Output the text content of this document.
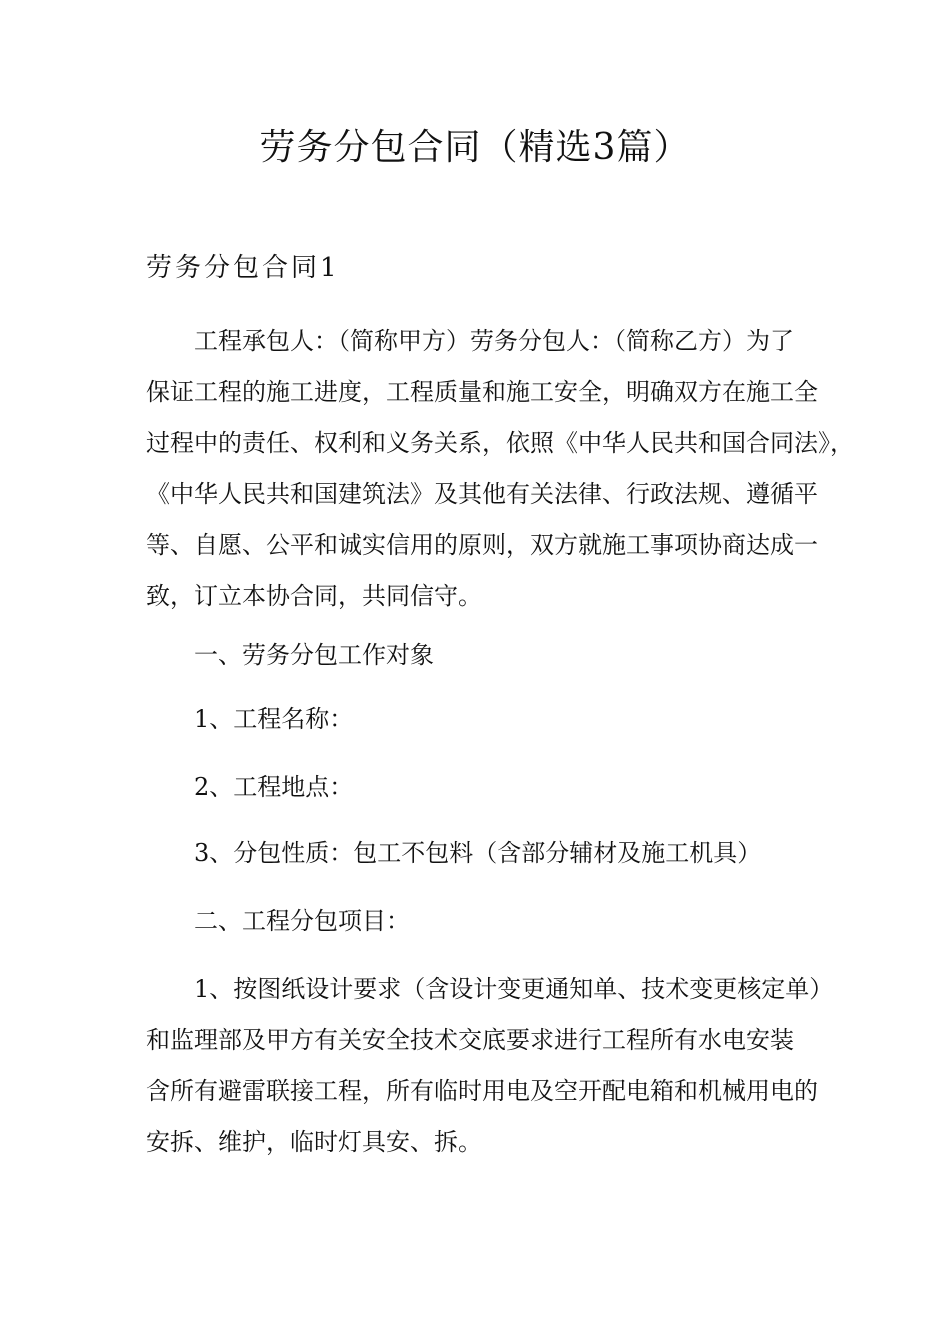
劳务分包合同（精选3篇）
劳务分包合同1
工程承包人：（简称甲方）劳务分包人：（简称乙方）为了
保证工程的施工进度，工程质量和施工安全，明确双方在施工全
过程中的责任、权利和义务关系，依照《中华人民共和国合同法》，
《中华人民共和国建筑法》及其他有关法律、行政法规、遵循平
等、自愿、公平和诚实信用的原则，双方就施工事项协商达成一
致，订立本协合同，共同信守。

一、劳务分包工作对象

1、工程名称：

2、工程地点：

3、分包性质：包工不包料（含部分辅材及施工机具）

二、工程分包项目：

1、按图纸设计要求（含设计变更通知单、技术变更核定单）
和监理部及甲方有关安全技术交底要求进行工程所有水电安装
含所有避雷联接工程，所有临时用电及空开配电箱和机械用电的
安拆、维护，临时灯具安、拆。
